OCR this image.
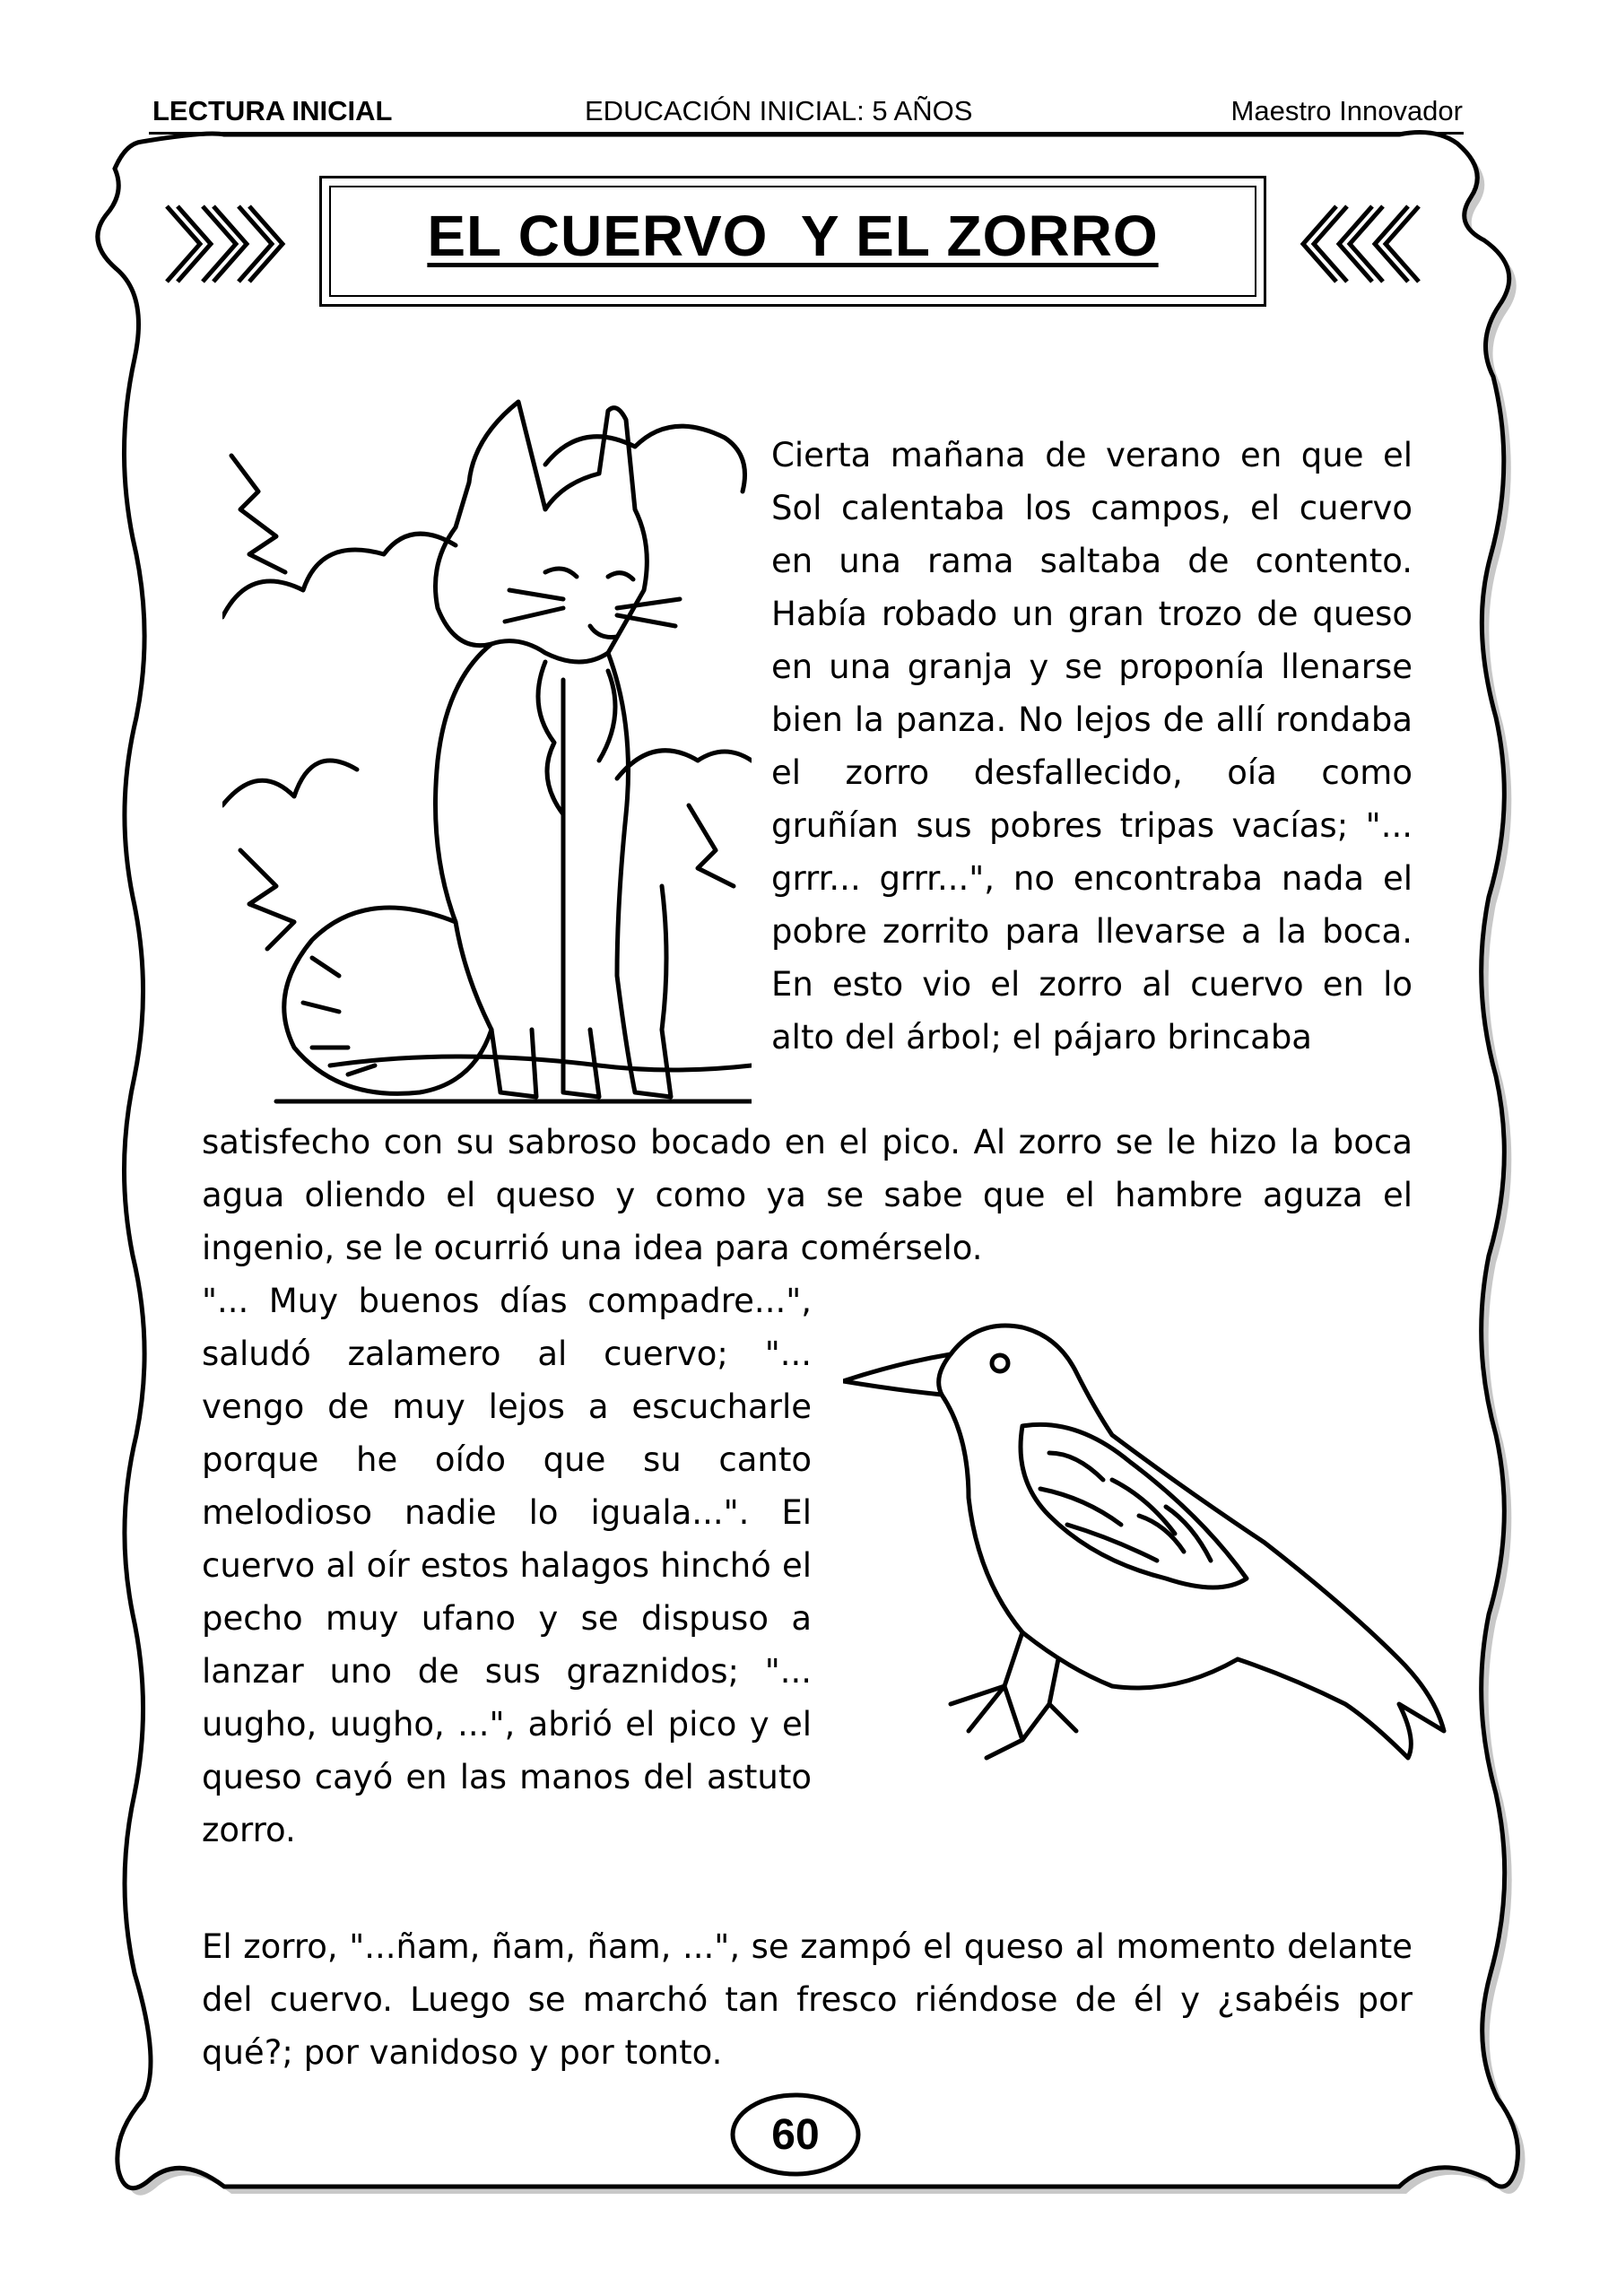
LECTURA INICIAL	EDUCACIÓN INICIAL: 5 AÑOS	Maestro Innovador
EL CUERVO  Y EL ZORRO

Cierta mañana de verano en que el Sol calentaba los campos, el cuervo en una rama saltaba de contento. Había robado un gran trozo de queso en una granja y se proponía llenarse bien la panza. No lejos de allí rondaba el zorro desfallecido, oía como gruñían sus pobres tripas vacías; "... grrr... grrr...", no encontraba nada el pobre zorrito para llevarse a la boca. En esto vio el zorro al cuervo en lo alto del árbol; el pájaro brincaba

satisfecho con su sabroso bocado en el pico. Al zorro se le hizo la boca agua oliendo el queso y como ya se sabe que el hambre aguza el ingenio, se le ocurrió una idea para comérselo.

"... Muy buenos días compadre...", saludó zalamero al cuervo; "... vengo de muy lejos a escucharle porque he oído que su canto melodioso nadie lo iguala...". El cuervo al oír estos halagos hinchó el pecho muy ufano y se dispuso a lanzar uno de sus graznidos; "... uugho, uugho, ...", abrió el pico y el queso cayó en las manos del astuto zorro.

El zorro, "...ñam, ñam, ñam, ...", se zampó el queso al momento delante del cuervo. Luego se marchó tan fresco riéndose de él y ¿sabéis por qué?; por vanidoso y por tonto.

60
